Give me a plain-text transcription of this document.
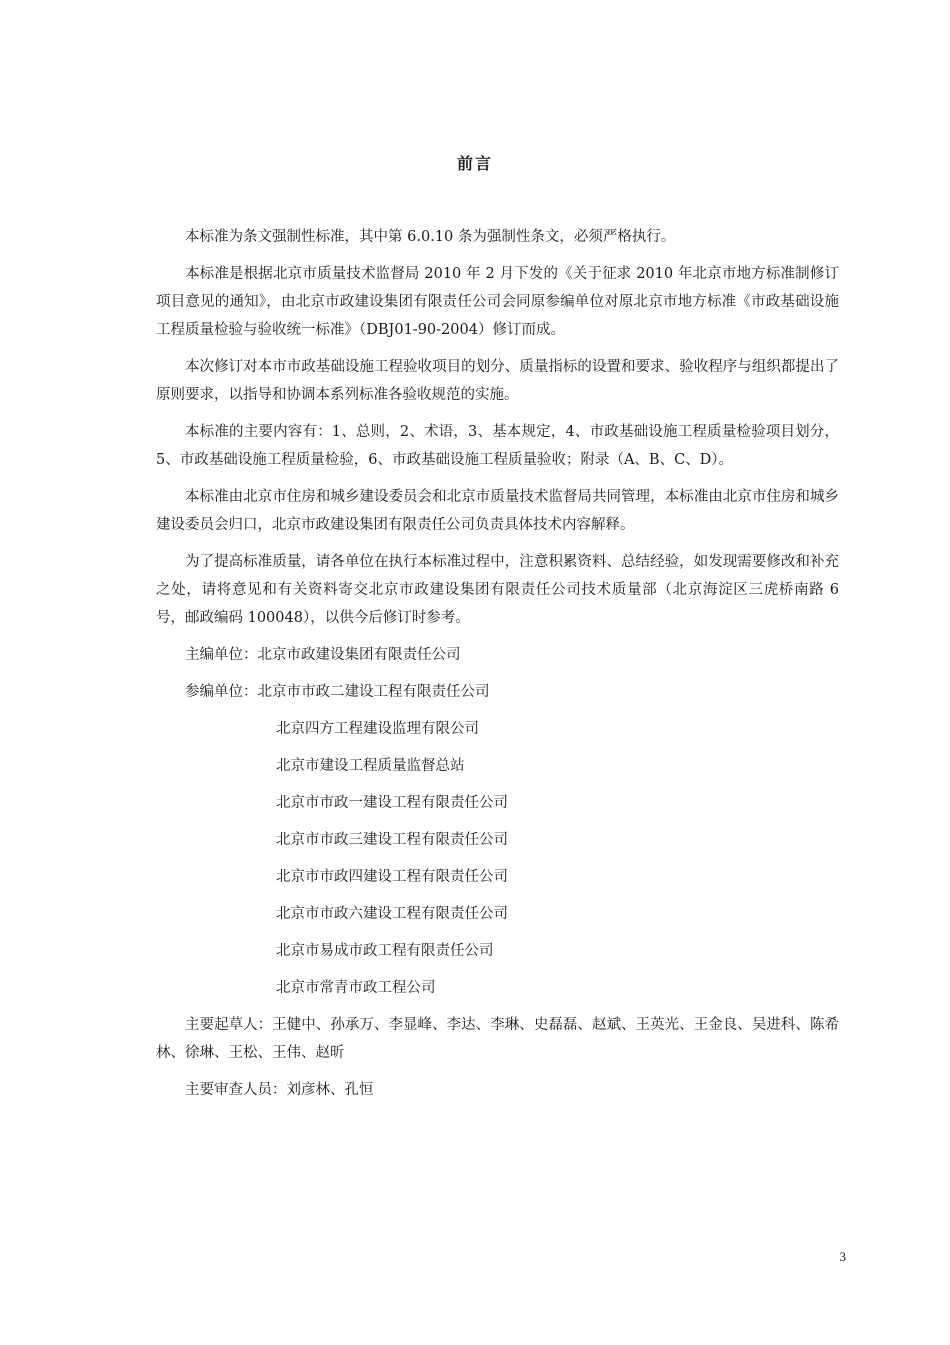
前言

本标准为条文强制性标准，其中第 6.0.10 条为强制性条文，必须严格执行。

本标准是根据北京市质量技术监督局 2010 年 2 月下发的《关于征求 2010 年北京市地方标准制修订项目意见的通知》，由北京市政建设集团有限责任公司会同原参编单位对原北京市地方标准《市政基础设施工程质量检验与验收统一标准》（DBJ01-90-2004）修订而成。

本次修订对本市市政基础设施工程验收项目的划分、质量指标的设置和要求、验收程序与组织都提出了原则要求，以指导和协调本系列标准各验收规范的实施。

本标准的主要内容有：1、总则，2、术语，3、基本规定，4、市政基础设施工程质量检验项目划分，5、市政基础设施工程质量检验，6、市政基础设施工程质量验收；附录（A、B、C、D）。

本标准由北京市住房和城乡建设委员会和北京市质量技术监督局共同管理，本标准由北京市住房和城乡建设委员会归口，北京市政建设集团有限责任公司负责具体技术内容解释。

为了提高标准质量，请各单位在执行本标准过程中，注意积累资料、总结经验，如发现需要修改和补充之处，请将意见和有关资料寄交北京市政建设集团有限责任公司技术质量部（北京海淀区三虎桥南路 6 号，邮政编码 100048），以供今后修订时参考。

主编单位：北京市政建设集团有限责任公司
参编单位：北京市市政二建设工程有限责任公司
北京四方工程建设监理有限公司
北京市建设工程质量监督总站
北京市市政一建设工程有限责任公司
北京市市政三建设工程有限责任公司
北京市市政四建设工程有限责任公司
北京市市政六建设工程有限责任公司
北京市易成市政工程有限责任公司
北京市常青市政工程公司

主要起草人：王健中、孙承万、李显峰、李达、李琳、史磊磊、赵斌、王英光、王金良、吴进科、陈希林、徐琳、王松、王伟、赵昕

主要审查人员：刘彦林、孔恒

3
